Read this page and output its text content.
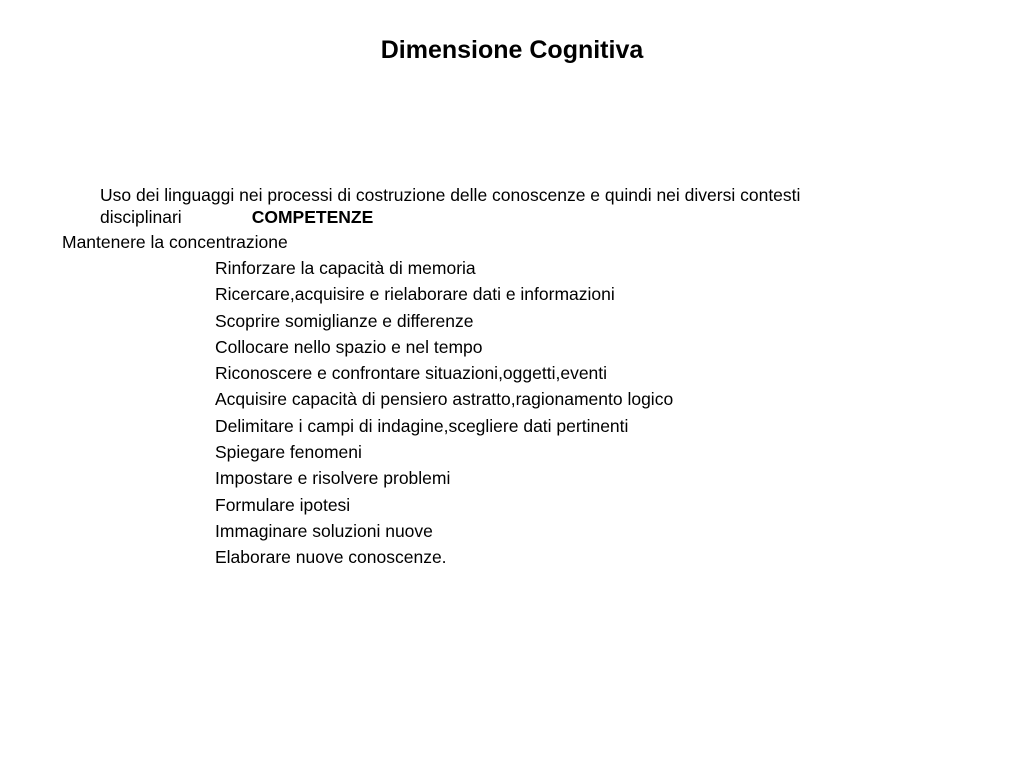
Dimensione Cognitiva
Uso dei linguaggi nei processi di costruzione delle conoscenze e quindi nei diversi contesti
disciplinari	COMPETENZE
Mantenere la concentrazione
Rinforzare la capacità di memoria
Ricercare,acquisire e rielaborare dati e informazioni
Scoprire somiglianze e differenze
Collocare nello spazio e nel tempo
Riconoscere e confrontare situazioni,oggetti,eventi
Acquisire capacità di pensiero astratto,ragionamento logico
Delimitare i campi di indagine,scegliere dati pertinenti
Spiegare fenomeni
Impostare e risolvere problemi
Formulare ipotesi
Immaginare soluzioni nuove
Elaborare nuove conoscenze.
